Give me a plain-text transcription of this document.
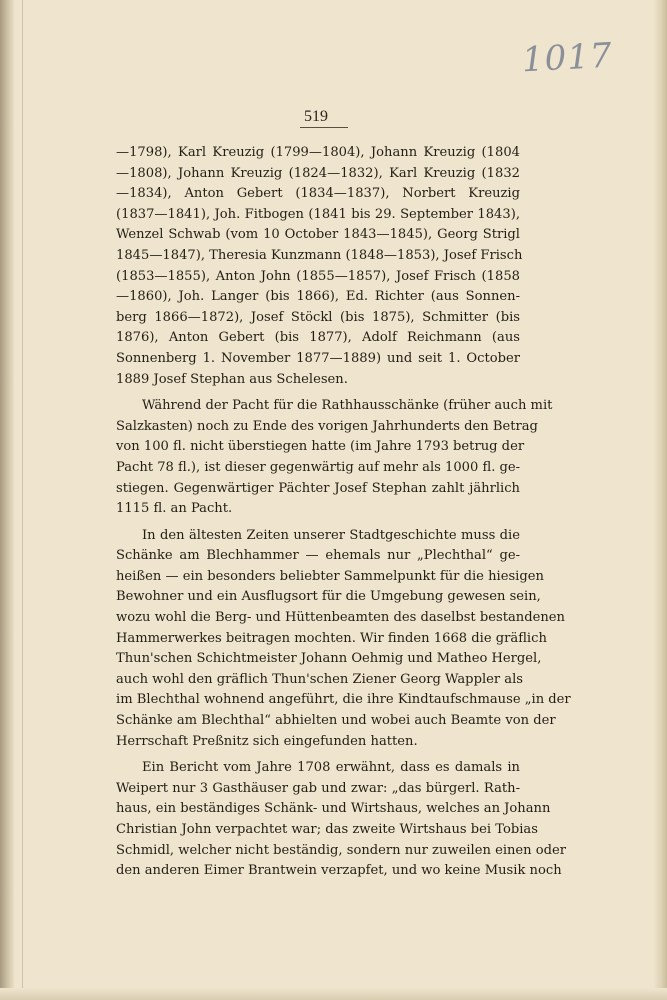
1017
519
—1798), Karl Kreuzig (1799—1804), Johann Kreuzig (1804
—1808), Johann Kreuzig (1824—1832), Karl Kreuzig (1832
—1834), Anton Gebert (1834—1837), Norbert Kreuzig
(1837—1841), Joh. Fitbogen (1841 bis 29. September 1843),
Wenzel Schwab (vom 10 October 1843—1845), Georg Strigl
1845—1847), Theresia Kunzmann (1848—1853), Josef Frisch
(1853—1855), Anton John (1855—1857), Josef Frisch (1858
—1860), Joh. Langer (bis 1866), Ed. Richter (aus Sonnen-
berg 1866—1872), Josef Stöckl (bis 1875), Schmitter (bis
1876), Anton Gebert (bis 1877), Adolf Reichmann (aus
Sonnenberg 1. November 1877—1889) und seit 1. October
1889 Josef Stephan aus Schelesen.
Während der Pacht für die Rathhausschänke (früher auch mit
Salzkasten) noch zu Ende des vorigen Jahrhunderts den Betrag
von 100 fl. nicht überstiegen hatte (im Jahre 1793 betrug der
Pacht 78 fl.), ist dieser gegenwärtig auf mehr als 1000 fl. ge-
stiegen. Gegenwärtiger Pächter Josef Stephan zahlt jährlich
1115 fl. an Pacht.
In den ältesten Zeiten unserer Stadtgeschichte muss die
Schänke am Blechhammer — ehemals nur „Plechthal“ ge-
heißen — ein besonders beliebter Sammelpunkt für die hiesigen
Bewohner und ein Ausflugsort für die Umgebung gewesen sein,
wozu wohl die Berg- und Hüttenbeamten des daselbst bestandenen
Hammerwerkes beitragen mochten. Wir finden 1668 die gräflich
Thun'schen Schichtmeister Johann Oehmig und Matheo Hergel,
auch wohl den gräflich Thun'schen Ziener Georg Wappler als
im Blechthal wohnend angeführt, die ihre Kindtaufschmause „in der
Schänke am Blechthal“ abhielten und wobei auch Beamte von der
Herrschaft Preßnitz sich eingefunden hatten.
Ein Bericht vom Jahre 1708 erwähnt, dass es damals in
Weipert nur 3 Gasthäuser gab und zwar: „das bürgerl. Rath-
haus, ein beständiges Schänk- und Wirtshaus, welches an Johann
Christian John verpachtet war; das zweite Wirtshaus bei Tobias
Schmidl, welcher nicht beständig, sondern nur zuweilen einen oder
den anderen Eimer Brantwein verzapfet, und wo keine Musik noch
